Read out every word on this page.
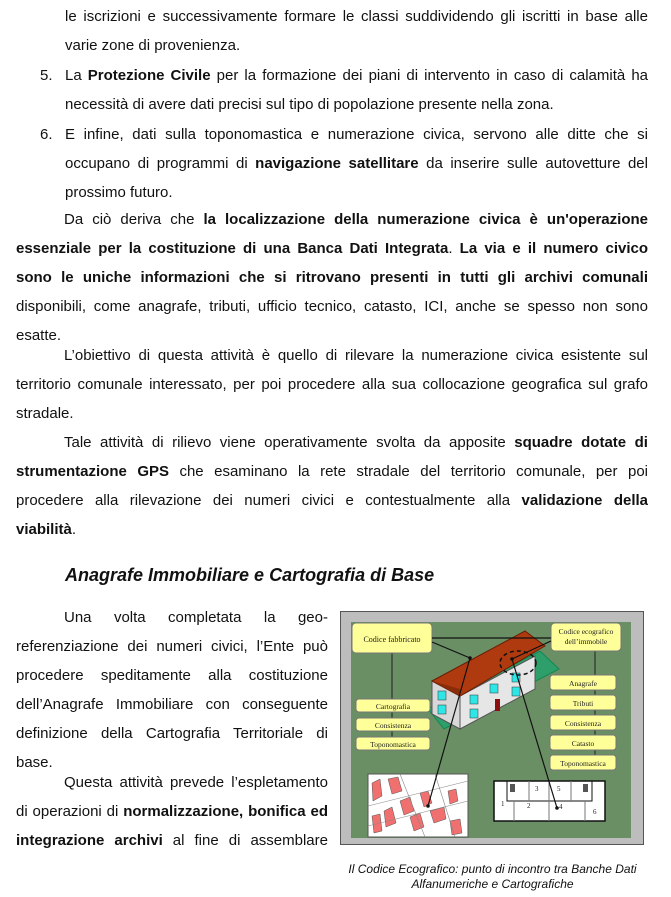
le iscrizioni e successivamente formare le classi suddividendo gli iscritti in base alle
varie zone di provenienza.
5. La Protezione Civile per la formazione dei piani di intervento in caso di calamità ha
necessità di avere dati precisi sul tipo di popolazione presente nella zona.
6. E infine, dati sulla toponomastica e numerazione civica, servono alle ditte che si
occupano di programmi di navigazione satellitare da inserire sulle autovetture del
prossimo futuro.
Da ciò deriva che la localizzazione della numerazione civica è un'operazione
essenziale per la costituzione di una Banca Dati Integrata. La via e il numero civico
sono le uniche informazioni che si ritrovano presenti in tutti gli archivi comunali
disponibili, come anagrafe, tributi, ufficio tecnico, catasto, ICI, anche se spesso non sono
esatte.
L’obiettivo di questa attività è quello di rilevare la numerazione civica esistente sul
territorio comunale interessato, per poi procedere alla sua collocazione geografica sul grafo
stradale.
Tale attività di rilievo viene operativamente svolta da apposite squadre dotate di
strumentazione GPS che esaminano la rete stradale del territorio comunale, per poi
procedere alla rilevazione dei numeri civici e contestualmente alla validazione della
viabilità.
Anagrafe Immobiliare e Cartografia di Base
Una volta completata la geo-
referenziazione dei numeri civici, l’Ente può
procedere speditamente alla costituzione
dell’Anagrafe Immobiliare con conseguente
definizione della Cartografia Territoriale di
base.
Questa attività prevede l’espletamento
di operazioni di normalizzazione, bonifica ed
integrazione archivi al fine di assemblare
Codice fabbricato
Codice ecografico
dell’immobile
Cartografia
Consistenza
Toponomastica
Anagrafe
Tributi
Consistenza
Catasto
Toponomastica
1	2
3
4
5
6
Il Codice Ecografico: punto di incontro tra Banche Dati
Alfanumeriche e Cartografiche
